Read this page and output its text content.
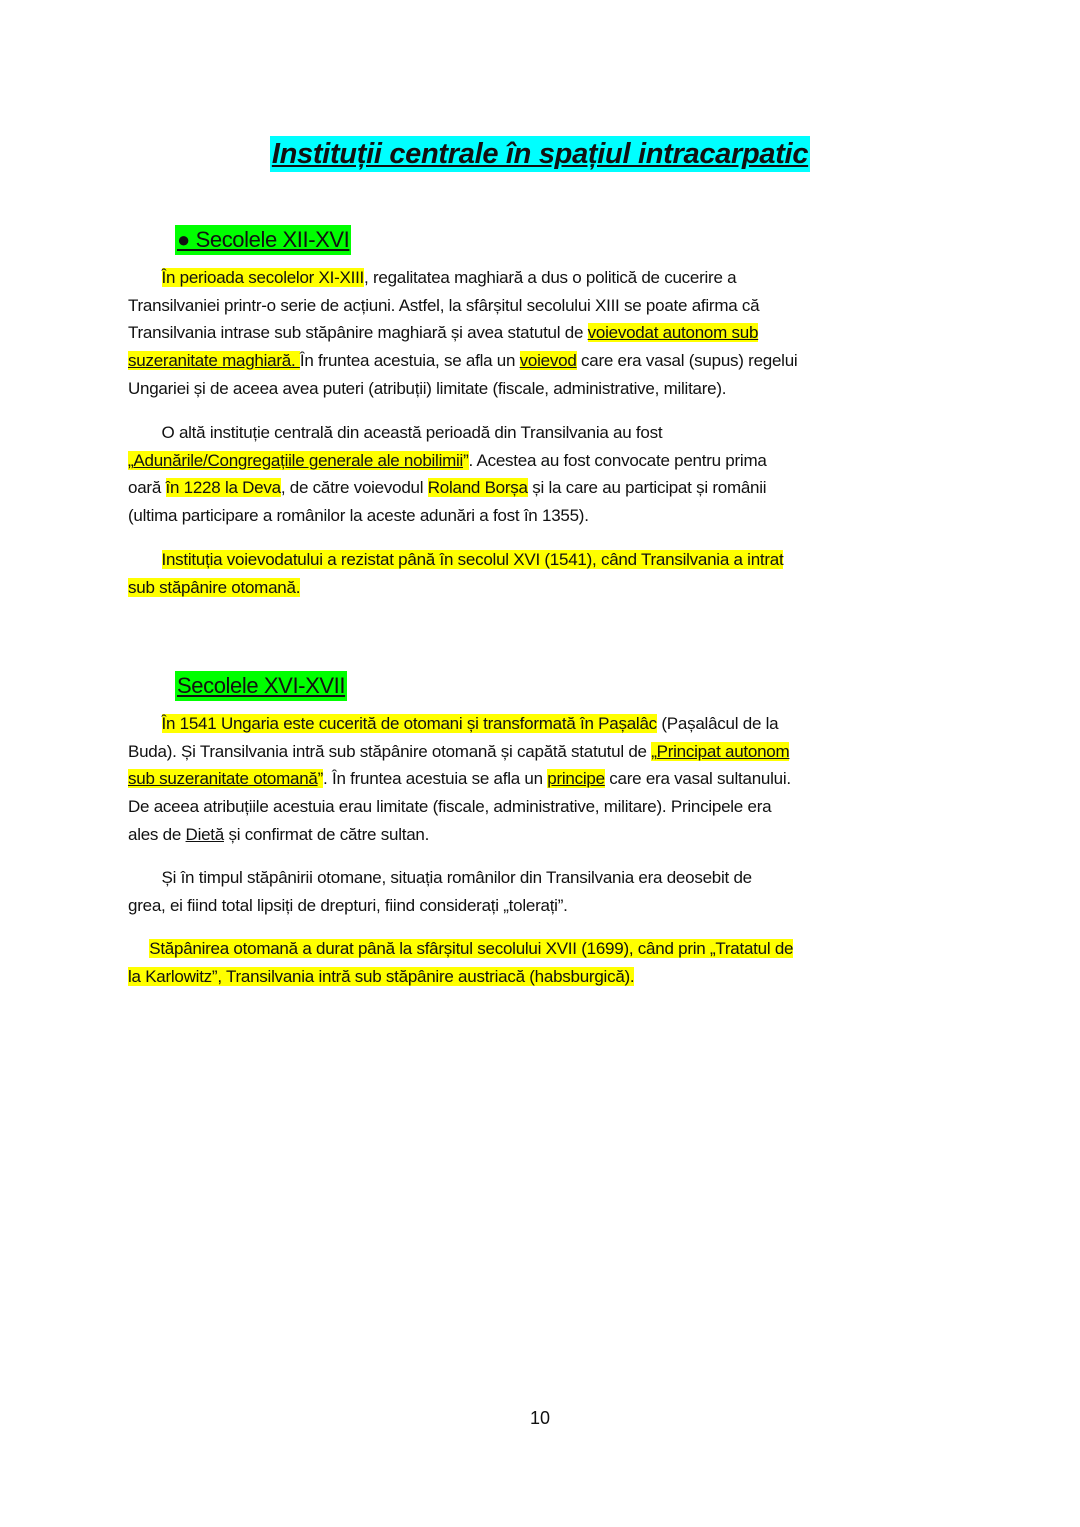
Instituții centrale în spațiul intracarpatic
● Secolele XII-XVI
  În perioada secolelor XI-XIII, regalitatea maghiară a dus o politică de cucerire a
Transilvaniei printr-o serie de acțiuni. Astfel, la sfârșitul secolului XIII se poate afirma că
Transilvania intrase sub stăpânire maghiară și avea statutul de voievodat autonom sub
suzeranitate maghiară. În fruntea acestuia, se afla un voievod care era vasal (supus) regelui
Ungariei și de aceea avea puteri (atribuții) limitate (fiscale, administrative, militare).
  O altă instituție centrală din această perioadă din Transilvania au fost
„Adunările/Congregațiile generale ale nobilimii”. Acestea au fost convocate pentru prima
oară în 1228 la Deva, de către voievodul Roland Borșa și la care au participat și românii
(ultima participare a românilor la aceste adunări a fost în 1355).
  Instituția voievodatului a rezistat până în secolul XVI (1541), când Transilvania a intrat
sub stăpânire otomană.
Secolele XVI-XVII
  În 1541 Ungaria este cucerită de otomani și transformată în Pașalâc (Pașalâcul de la
Buda). Și Transilvania intră sub stăpânire otomană și capătă statutul de „Principat autonom
sub suzeranitate otomană”. În fruntea acestuia se afla un principe care era vasal sultanului.
De aceea atribuțiile acestuia erau limitate (fiscale, administrative, militare). Principele era
ales de Dietă și confirmat de către sultan.
  Și în timpul stăpânirii otomane, situația românilor din Transilvania era deosebit de
grea, ei fiind total lipsiți de drepturi, fiind considerați „tolerați”.
  Stăpânirea otomană a durat până la sfârșitul secolului XVII (1699), când prin „Tratatul de
la Karlowitz”, Transilvania intră sub stăpânire austriacă (habsburgică).
10
